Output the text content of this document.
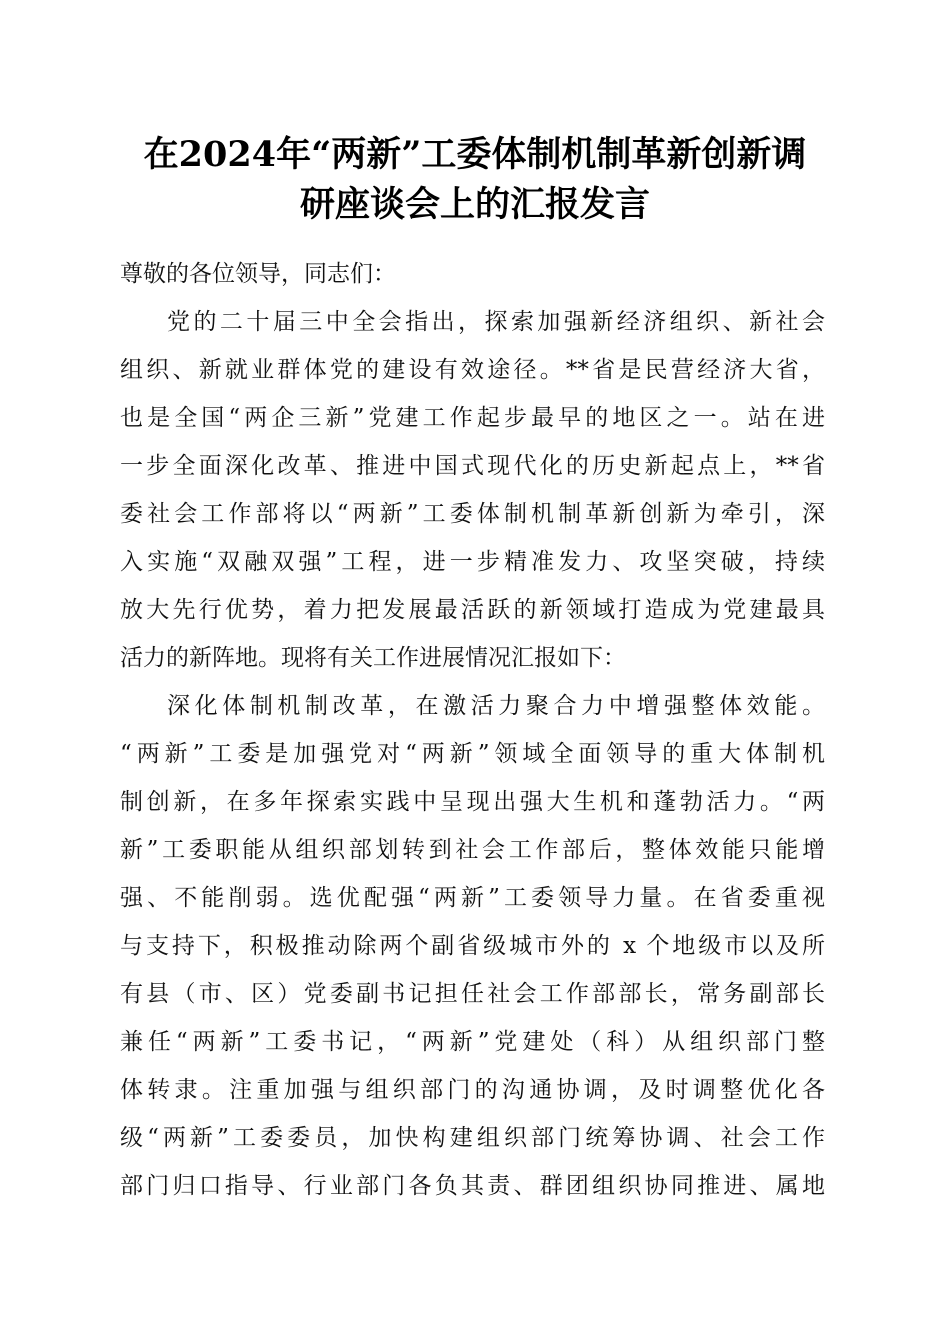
在2024年“两新”工委体制机制革新创新调
研座谈会上的汇报发言
尊敬的各位领导，同志们：
党的二十届三中全会指出，探索加强新经济组织、新社会
组织、新就业群体党的建设有效途径。**省是民营经济大省，
也是全国“两企三新”党建工作起步最早的地区之一。站在进
一步全面深化改革、推进中国式现代化的历史新起点上，**省
委社会工作部将以“两新”工委体制机制革新创新为牵引，深
入实施“双融双强”工程，进一步精准发力、攻坚突破，持续
放大先行优势，着力把发展最活跃的新领域打造成为党建最具
活力的新阵地。现将有关工作进展情况汇报如下：
深化体制机制改革，在激活力聚合力中增强整体效能。
“两新”工委是加强党对“两新”领域全面领导的重大体制机
制创新，在多年探索实践中呈现出强大生机和蓬勃活力。“两
新”工委职能从组织部划转到社会工作部后，整体效能只能增
强、不能削弱。选优配强“两新”工委领导力量。在省委重视
与支持下，积极推动除两个副省级城市外的 x 个地级市以及所
有县（市、区）党委副书记担任社会工作部部长，常务副部长
兼任“两新”工委书记，“两新”党建处（科）从组织部门整
体转隶。注重加强与组织部门的沟通协调，及时调整优化各
级“两新”工委委员，加快构建组织部门统筹协调、社会工作
部门归口指导、行业部门各负其责、群团组织协同推进、属地
